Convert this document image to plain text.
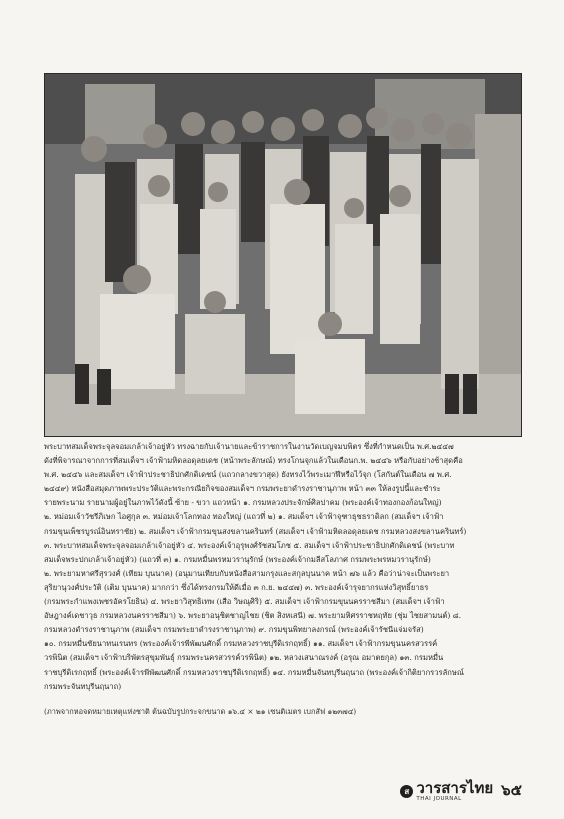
พระบาทสมเด็จพระจุลจอมเกล้าเจ้าอยู่หัว ทรงฉายกับเจ้านายและข้าราชการในงานวัดเบญจมบพิตร ซึ่งที่กำหนดเป็น พ.ศ.๒๔๔๗

ดังที่พิจารณาจากการที่สมเด็จฯ เจ้าฟ้ามหิดลอดุลยเดช (หน้าพระลักษณ์) ทรงโกนจุกแล้วในเดือนก.พ. ๒๔๔๖ หรือกับอย่างช้าสุดคือ

พ.ศ. ๒๔๔๖ และสมเด็จฯ เจ้าฟ้าประชาธิปกศักดิเดชน์ (แถวกลางขวาสุด) ยังทรงไว้พระเมาฬีหรือไว้จุก (โสกันต์ในเดือน ๗ พ.ศ.

๒๔๔๙) หนังสือสมุดภาพพระประวัติและพระกรณียกิจของสมเด็จฯ กรมพระยาดำรงราชานุภาพ หน้า ๓๓ ให้ลงรูปนี้และชำระ

รายพระนาม รายนามผู้อยู่ในภาพไว้ดังนี้ ซ้าย - ขวา แถวหน้า ๑. กรมหลวงประจักษ์ศิลปาคม (พระองค์เจ้าทองกองก้อนใหญ่)

๒. หม่อมเจ้าวัชรีภิเษก ไอศูกุล ๓. หม่อมเจ้าโลกทอง ทองใหญ่ (แถวที่ ๒) ๑. สมเด็จฯ เจ้าฟ้าจุฑาธุชธราดิลก (สมเด็จฯ เจ้าฟ้า

กรมขุนเพ็ชรบูรณ์อินทราชัย) ๒. สมเด็จฯ เจ้าฟ้ากรมขุนสงขลานครินทร์ (สมเด็จฯ เจ้าฟ้ามหิดลอดุลยเดช กรมหลวงสงขลานครินทร์)

๓. พระบาทสมเด็จพระจุลจอมเกล้าเจ้าอยู่หัว ๔. พระองค์เจ้าอุรุพงศ์รัชสมโภช ๕. สมเด็จฯ เจ้าฟ้าประชาธิปกศักดิเดชน์ (พระบาท

สมเด็จพระปกเกล้าเจ้าอยู่หัว) (แถวที่ ๓) ๑. กรมหมื่นพรหมวรานุรักษ์ (พระองค์เจ้ากมลีสโลภาศ กรมพระพรหมวรานุรักษ์)

๒. พระยามหาศรีสุรวงศ์ (เทียม บุนนาค) (อนุมานเทียบกับหนังสือสามกรุงและสกุลบุนนาค หน้า ๗๖ แล้ว คือว่าน่าจะเป็นพระยา

สุริยานุวงศ์ประวัติ (เติม บุนนาค) มากกว่า ซึ่งได้ทรงกรมให้ดีเมื่อ ๓ ก.ย. ๒๔๔๗) ๓. พระองค์เจ้ารุจยากรแห่งวิสุทธิ์ยาธร

(กรมพระกำแพงเพชรอัครโยธิน) ๔. พระยาวิสุทธิเทพ (เสือ วิษณุศิริ) ๕. สมเด็จฯ เจ้าฟ้ากรมขุนนครราชสีมา (สมเด็จฯ เจ้าฟ้า

อัษฎางค์เดชาวุธ กรมหลวงนครราชสีมา) ๖. พระยาอนุชิตชาญไชย (ชิต สิงหเสนี) ๗. พระยามหิศรราชหฤทัย (ชุ่ม ไชยสามนต์) ๘.

กรมหลวงดำรงราชานุภาพ (สมเด็จฯ กรมพระยาดำรงราชานุภาพ) ๙. กรมขุนพิทยาลงกรณ์ (พระองค์เจ้ารัชนีแจ่มจรัส)

๑๐. กรมหมื่นชัยนาทนเรนทร (พระองค์เจ้ารพีพัฒนศักดิ์ กรมหลวงราชบุรีดิเรกฤทธิ์) ๑๑. สมเด็จฯ เจ้าฟ้ากรมขุนนครสวรรค์

วรพินิต (สมเด็จฯ เจ้าฟ้าบริพัตรสุขุมพันธุ์ กรมพระนครสวรรค์วรพินิต) ๑๒. หลวงเสนาณรงค์ (อรุณ อมาตยกุล) ๑๓. กรมหมื่น

ราชบุรีดิเรกฤทธิ์ (พระองค์เจ้ารพีพัฒนศักดิ์ กรมหลวงราชบุรีดิเรกฤทธิ์) ๑๔. กรมหมื่นจันทบุรีนฤนาถ (พระองค์เจ้ากิติยากรวรลักษณ์

กรมพระจันทบุรีนฤนาถ)

(ภาพจากหอจดหมายเหตุแห่งชาติ ต้นฉบับรูปกระจกขนาด ๑๖.๔ × ๒๑ เซนติเมตร เบกสัฟ ๑๒๓๗๔)
ส วารสารไทย
THAI JOURNAL	๖๕
